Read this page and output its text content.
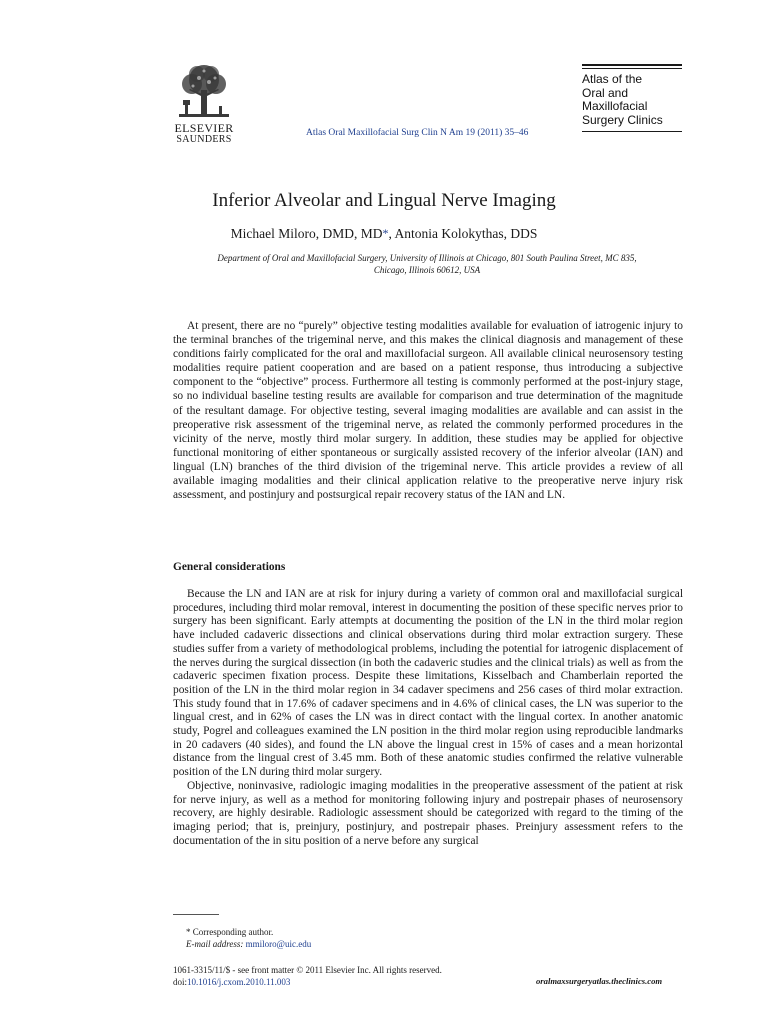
ELSEVIER
SAUNDERS
Atlas Oral Maxillofacial Surg Clin N Am 19 (2011) 35–46
Atlas of the
Oral and
Maxillofacial
Surgery Clinics
Inferior Alveolar and Lingual Nerve Imaging
Michael Miloro, DMD, MD*, Antonia Kolokythas, DDS
Department of Oral and Maxillofacial Surgery, University of Illinois at Chicago, 801 South Paulina Street, MC 835, Chicago, Illinois 60612, USA

At present, there are no “purely” objective testing modalities available for evaluation of iatrogenic injury to the terminal branches of the trigeminal nerve, and this makes the clinical diagnosis and management of these conditions fairly complicated for the oral and maxillofacial surgeon. All available clinical neurosensory testing modalities require patient cooperation and are based on a patient response, thus introducing a subjective component to the “objective” process. Furthermore all testing is commonly performed at the post-injury stage, so no individual baseline testing results are available for comparison and true determination of the magnitude of the resultant damage. For objective testing, several imaging modalities are available and can assist in the preoperative risk assessment of the trigeminal nerve, as related the commonly performed procedures in the vicinity of the nerve, mostly third molar surgery. In addition, these studies may be applied for objective functional monitoring of either spontaneous or surgically assisted recovery of the inferior alveolar (IAN) and lingual (LN) branches of the third division of the trigeminal nerve. This article provides a review of all available imaging modalities and their clinical application relative to the preoperative nerve injury risk assessment, and postinjury and postsurgical repair recovery status of the IAN and LN.

General considerations

Because the LN and IAN are at risk for injury during a variety of common oral and maxillofacial surgical procedures, including third molar removal, interest in documenting the position of these specific nerves prior to surgery has been significant. Early attempts at documenting the position of the LN in the third molar region have included cadaveric dissections and clinical observations during third molar extraction surgery. These studies suffer from a variety of methodological problems, including the potential for iatrogenic displacement of the nerves during the surgical dissection (in both the cadaveric studies and the clinical trials) as well as from the cadaveric specimen fixation process. Despite these limitations, Kisselbach and Chamberlain reported the position of the LN in the third molar region in 34 cadaver specimens and 256 cases of third molar extraction. This study found that in 17.6% of cadaver specimens and in 4.6% of clinical cases, the LN was superior to the lingual crest, and in 62% of cases the LN was in direct contact with the lingual cortex. In another anatomic study, Pogrel and colleagues examined the LN position in the third molar region using reproducible landmarks in 20 cadavers (40 sides), and found the LN above the lingual crest in 15% of cases and a mean horizontal distance from the lingual crest of 3.45 mm. Both of these anatomic studies confirmed the relative vulnerable position of the LN during third molar surgery.

Objective, noninvasive, radiologic imaging modalities in the preoperative assessment of the patient at risk for nerve injury, as well as a method for monitoring following injury and postrepair phases of neurosensory recovery, are highly desirable. Radiologic assessment should be categorized with regard to the timing of the imaging period; that is, preinjury, postinjury, and postrepair phases. Preinjury assessment refers to the documentation of the in situ position of a nerve before any surgical

* Corresponding author.
E-mail address: mmiloro@uic.edu
1061-3315/11/$ - see front matter © 2011 Elsevier Inc. All rights reserved.
doi:10.1016/j.cxom.2010.11.003	oralmaxsurgeryatlas.theclinics.com
